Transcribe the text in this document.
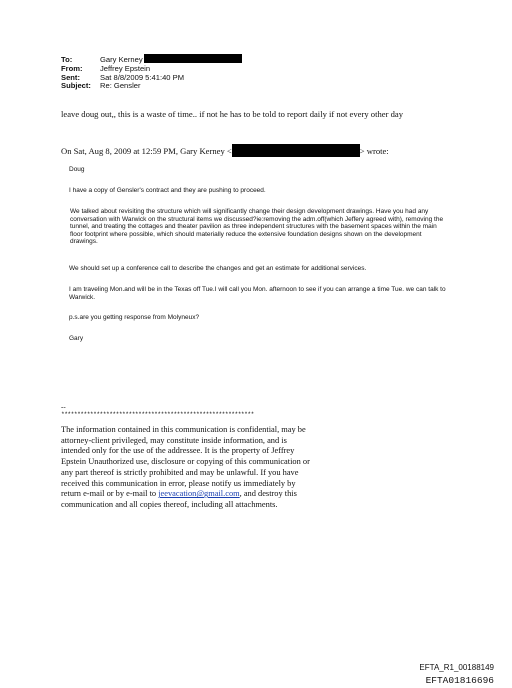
To:	Gary Kerney
From:	Jeffrey Epstein
Sent:	Sat 8/8/2009 5:41:40 PM
Subject:	Re: Gensler
leave doug out,, this is a waste of time.. if not he has to be told to report daily if not every other day
On Sat, Aug 8, 2009 at 12:59 PM, Gary Kerney <	> wrote:

Doug

I have a copy of Gensler's contract and they are pushing to proceed.

We talked about revisiting the structure which will significantly change their design development drawings. Have you had any conversation with Warwick on the structural items we discussed?ie:removing the adm.off(which Jeffery agreed with), removing the tunnel, and treating the cottages and theater pavilion as three independent structures with the basement spaces within the main floor footprint where possible, which should materially reduce the extensive foundation designs shown on the development drawings.

We should set up a conference call to describe the changes and get an estimate for additional services.

I am traveling Mon.and will be in the Texas off Tue.I will call you Mon. afternoon to see if you can arrange a time Tue. we can talk to Warwick.

p.s.are you getting response from Molyneux?

Gary

--
************************************************************
The information contained in this communication is confidential, may be attorney-client privileged, may constitute inside information, and is intended only for the use of the addressee. It is the property of Jeffrey Epstein Unauthorized use, disclosure or copying of this communication or any part thereof is strictly prohibited and may be unlawful. If you have received this communication in error, please notify us immediately by return e-mail or by e-mail to jeevacation@gmail.com, and destroy this communication and all copies thereof, including all attachments.
EFTA_R1_00188149
EFTA01816696
